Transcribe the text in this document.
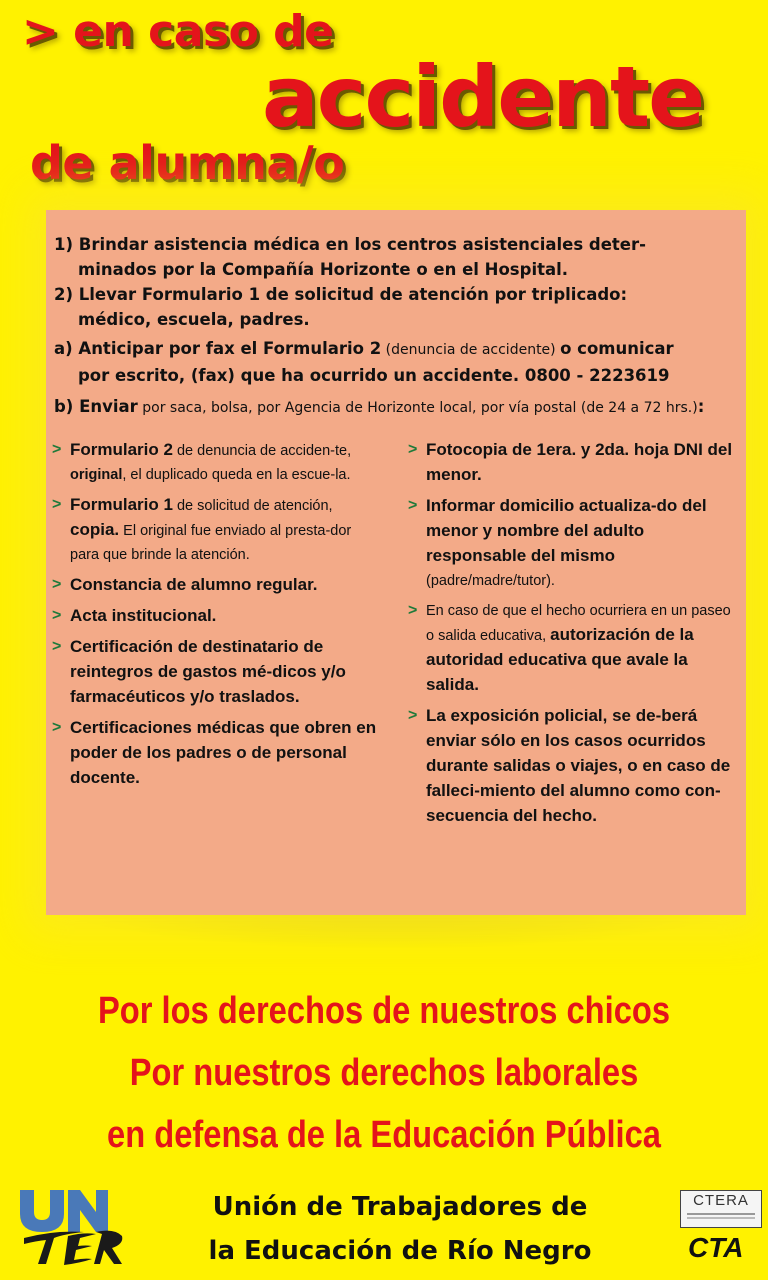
> en caso de
accidente
de alumna/o
1) Brindar asistencia médica en los centros asistenciales deter-
minados por la Compañía Horizonte o en el Hospital.
2) Llevar Formulario 1 de solicitud de atención por triplicado:
médico, escuela, padres.
a) Anticipar por fax el Formulario 2 (denuncia de accidente) o comunicar
por escrito, (fax) que ha ocurrido un accidente. 0800 - 2223619
b) Enviar por saca, bolsa, por Agencia de Horizonte local, por vía postal (de 24 a 72 hrs.):
> Formulario 2 de denuncia de acciden-te, original, el duplicado queda en la escue-la.
> Formulario 1 de solicitud de atención, copia. El original fue enviado al presta-dor para que brinde la atención.
> Constancia de alumno regular.
> Acta institucional.
> Certificación de destinatario de reintegros de gastos mé-dicos y/o farmacéuticos y/o traslados.
> Certificaciones médicas que obren en poder de los padres o de personal docente.
> Fotocopia de 1era. y 2da. hoja DNI del menor.
> Informar domicilio actualiza-do del menor y nombre del adulto responsable del mismo (padre/madre/tutor).
> En caso de que el hecho ocurriera en un paseo o salida educativa, autorización de la autoridad educativa que avale la salida.
> La exposición policial, se de-berá enviar sólo en los casos ocurridos durante salidas o viajes, o en caso de falleci-miento del alumno como con-secuencia del hecho.
Por los derechos de nuestros chicos
Por nuestros derechos laborales
en defensa de la Educación Pública
Unión de Trabajadores de
la Educación de Río Negro
CTERA
CTA
